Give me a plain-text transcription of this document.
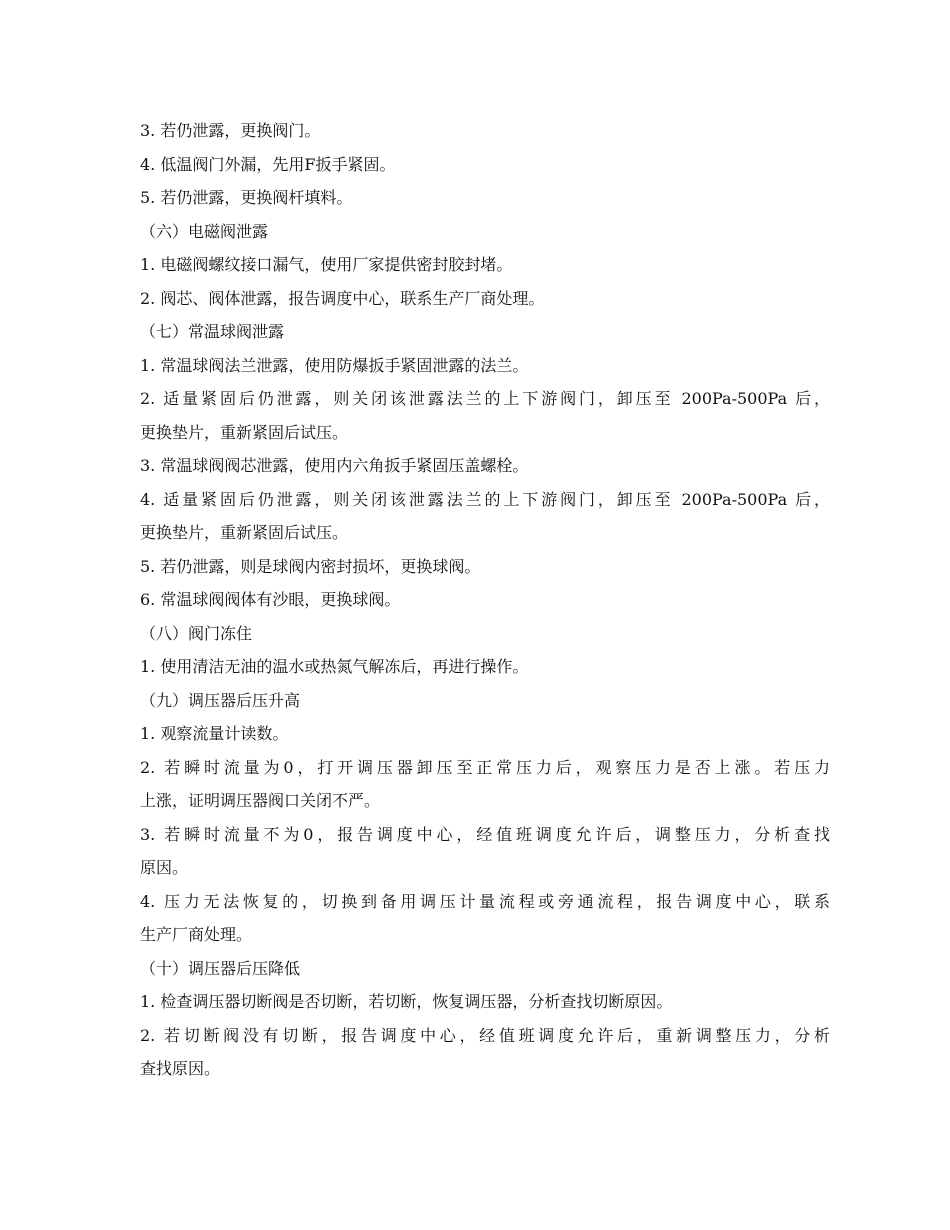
3. 若仍泄露，更换阀门。
4. 低温阀门外漏，先用F扳手紧固。
5. 若仍泄露，更换阀杆填料。
（六）电磁阀泄露
1. 电磁阀螺纹接口漏气，使用厂家提供密封胶封堵。
2. 阀芯、阀体泄露，报告调度中心，联系生产厂商处理。
（七）常温球阀泄露
1. 常温球阀法兰泄露，使用防爆扳手紧固泄露的法兰。
2. 适量紧固后仍泄露，则关闭该泄露法兰的上下游阀门，卸压至 200Pa-500Pa 后，
更换垫片，重新紧固后试压。
3. 常温球阀阀芯泄露，使用内六角扳手紧固压盖螺栓。
4. 适量紧固后仍泄露，则关闭该泄露法兰的上下游阀门，卸压至 200Pa-500Pa 后，
更换垫片，重新紧固后试压。
5. 若仍泄露，则是球阀内密封损坏，更换球阀。
6. 常温球阀阀体有沙眼，更换球阀。
（八）阀门冻住
1. 使用清洁无油的温水或热氮气解冻后，再进行操作。
（九）调压器后压升高
1. 观察流量计读数。
2. 若瞬时流量为0，打开调压器卸压至正常压力后，观察压力是否上涨。若压力
上涨，证明调压器阀口关闭不严。
3. 若瞬时流量不为0，报告调度中心，经值班调度允许后，调整压力，分析查找
原因。
4. 压力无法恢复的，切换到备用调压计量流程或旁通流程，报告调度中心，联系
生产厂商处理。
（十）调压器后压降低
1. 检查调压器切断阀是否切断，若切断，恢复调压器，分析查找切断原因。
2. 若切断阀没有切断，报告调度中心，经值班调度允许后，重新调整压力，分析
查找原因。
